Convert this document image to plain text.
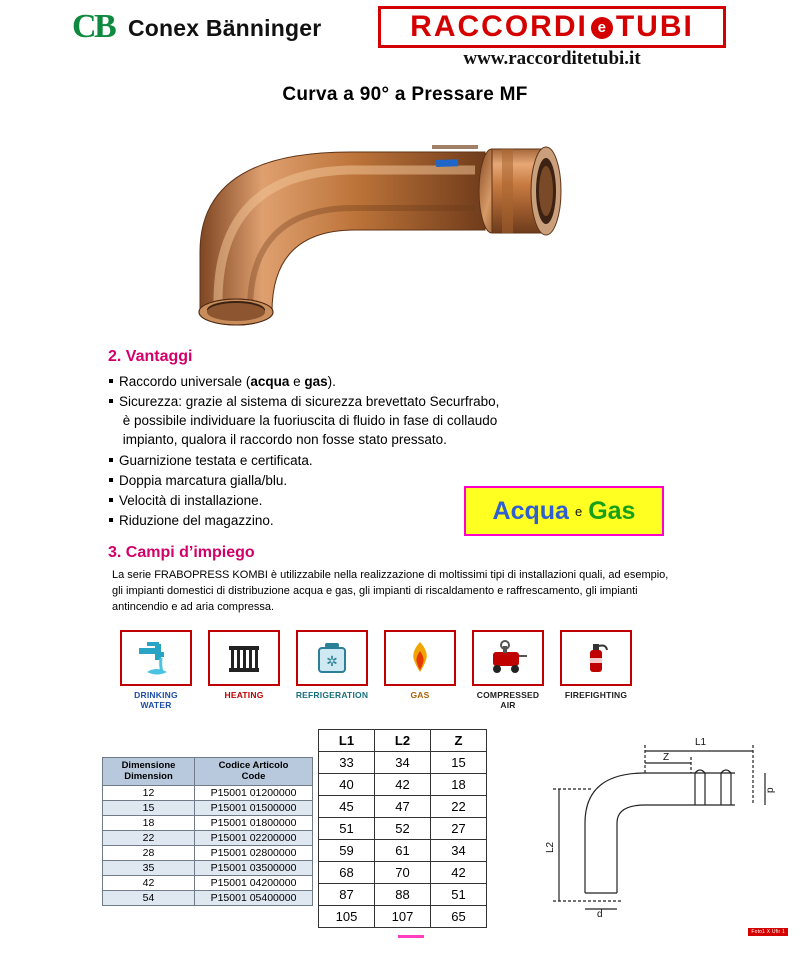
C
B Conex Bänninger	RACCORDI e TUBI
www.raccorditetubi.it
Curva a 90° a Pressare MF
2. Vantaggi
Raccordo universale (acqua e gas).
Sicurezza: grazie al sistema di sicurezza brevettato Securfrabo,
è possibile individuare la fuoriuscita di fluido in fase di collaudo
impianto, qualora il raccordo non fosse stato pressato.
Guarnizione testata e certificata.
Doppia marcatura gialla/blu.
Velocità di installazione.
Riduzione del magazzino.	Acqua e Gas
3. Campi d’impiego
La serie FRABOPRESS KOMBI è utilizzabile nella realizzazione di moltissimi tipi di installazioni quali, ad esempio, gli impianti domestici di distribuzione acqua e gas, gli impianti di riscaldamento e raffrescamento, gli impianti antincendio e ad aria compressa.
DRINKING
WATER
HEATING
✲
REFRIGERATION	GAS	COMPRESSED
AIR
FIREFIGHTING
Dimensione
Dimension	Codice Articolo
Code
12	P15001 01200000
15	P15001 01500000
18	P15001 01800000
22	P15001 02200000
28	P15001 02800000
35	P15001 03500000
42	P15001 04200000
54	P15001 05400000
L1	L2	Z
33	34	15
40	42	18
45	47	22
51	52	27
59	61	34
68	70	42
87	88	51
105	107	65
L1
Z
L2
d
p
Foto1 X Ufir 1
